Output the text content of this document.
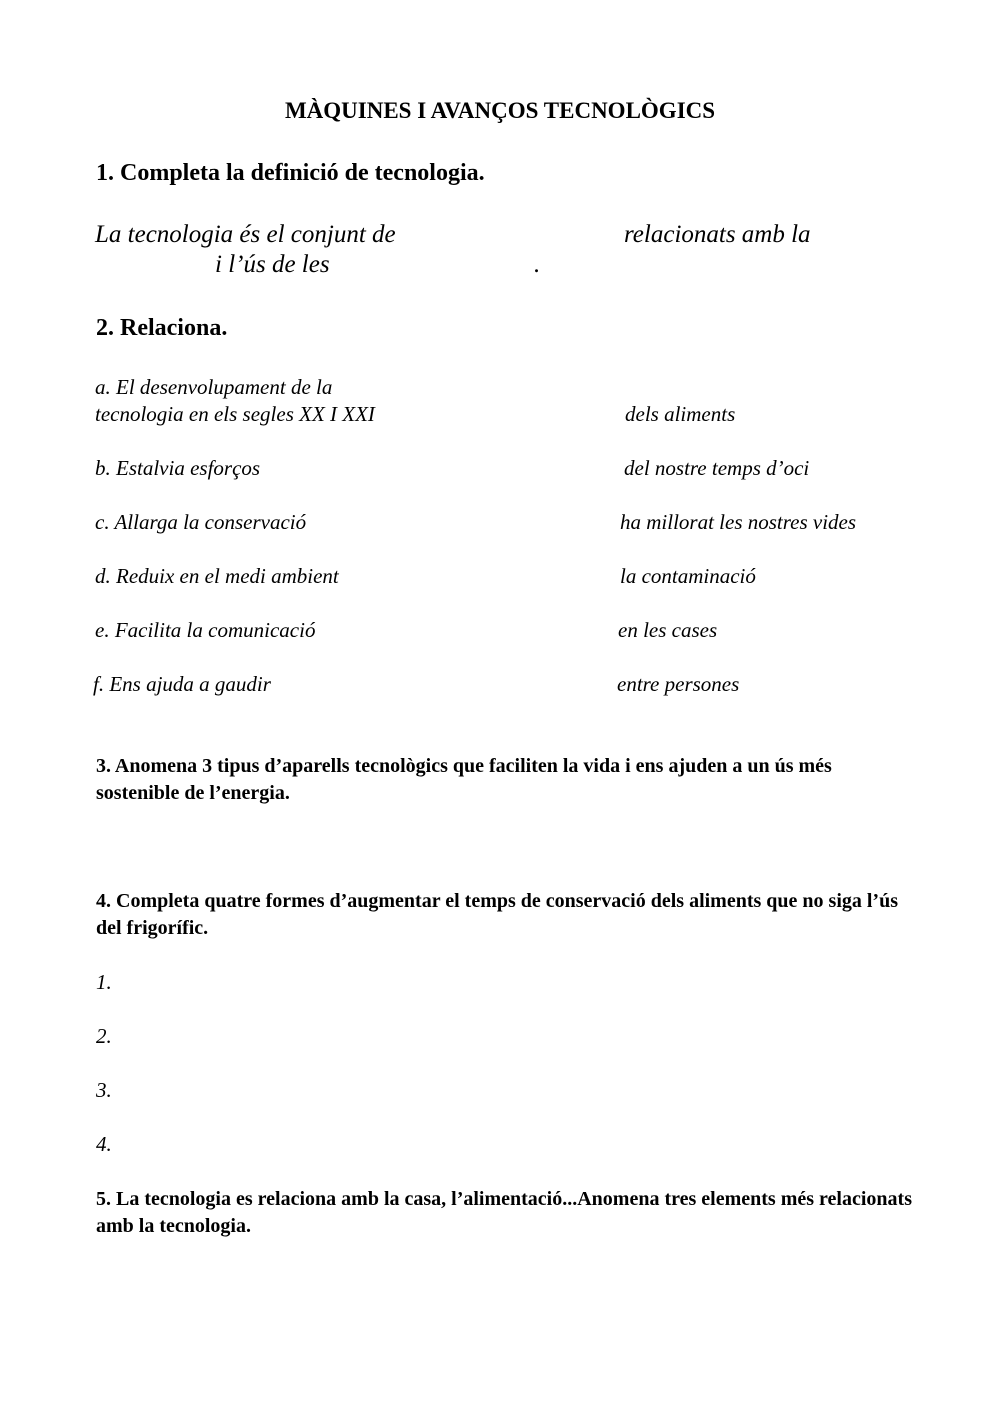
MÀQUINES I AVANÇOS TECNOLÒGICS
1. Completa la definició de tecnologia.
La tecnologia és el conjunt de	relacionats amb la
i l’ús de les	.
2. Relaciona.
a. El desenvolupament de la
tecnologia en els segles XX I XXI
b. Estalvia esforços
c. Allarga la conservació
d. Reduix en el medi ambient
e. Facilita la comunicació
f. Ens ajuda a gaudir
dels aliments
del nostre temps d’oci
ha millorat les nostres vides
la contaminació
en les cases
entre persones
3. Anomena 3 tipus d’aparells tecnològics que faciliten la vida i ens ajuden a un ús més sostenible de l’energia.
4. Completa quatre formes d’augmentar el temps de conservació dels aliments que no siga l’ús del frigorífic.
1.
2.
3.
4.
5. La tecnologia es relaciona amb la casa, l’alimentació...Anomena tres elements més relacionats amb la tecnologia.
